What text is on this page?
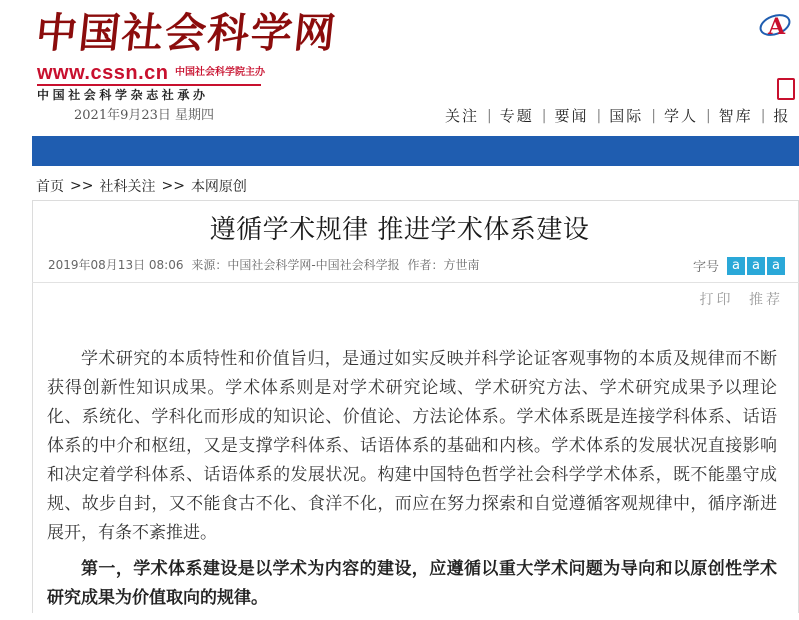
中国社会科学网
www.cssn.cn 中国社会科学院主办
中国社会科学杂志社承办
2021年9月23日 星期四
A
关注 | 专题 | 要闻 | 国际 | 学人 | 智库 | 报
首页 >> 社科关注 >> 本网原创
遵循学术规律 推进学术体系建设
2019年08月13日 08:06 来源：中国社会科学网-中国社会科学报 作者：方世南	字号	a a a
打印 推荐

学术研究的本质特性和价值旨归，是通过如实反映并科学论证客观事物的本质及规律而不断获得创新性知识成果。学术体系则是对学术研究论域、学术研究方法、学术研究成果予以理论化、系统化、学科化而形成的知识论、价值论、方法论体系。学术体系既是连接学科体系、话语体系的中介和枢纽，又是支撑学科体系、话语体系的基础和内核。学术体系的发展状况直接影响和决定着学科体系、话语体系的发展状况。构建中国特色哲学社会科学学术体系，既不能墨守成规、故步自封，又不能食古不化、食洋不化，而应在努力探索和自觉遵循客观规律中，循序渐进展开，有条不紊推进。

第一，学术体系建设是以学术为内容的建设，应遵循以重大学术问题为导向和以原创性学术研究成果为价值取向的规律。
